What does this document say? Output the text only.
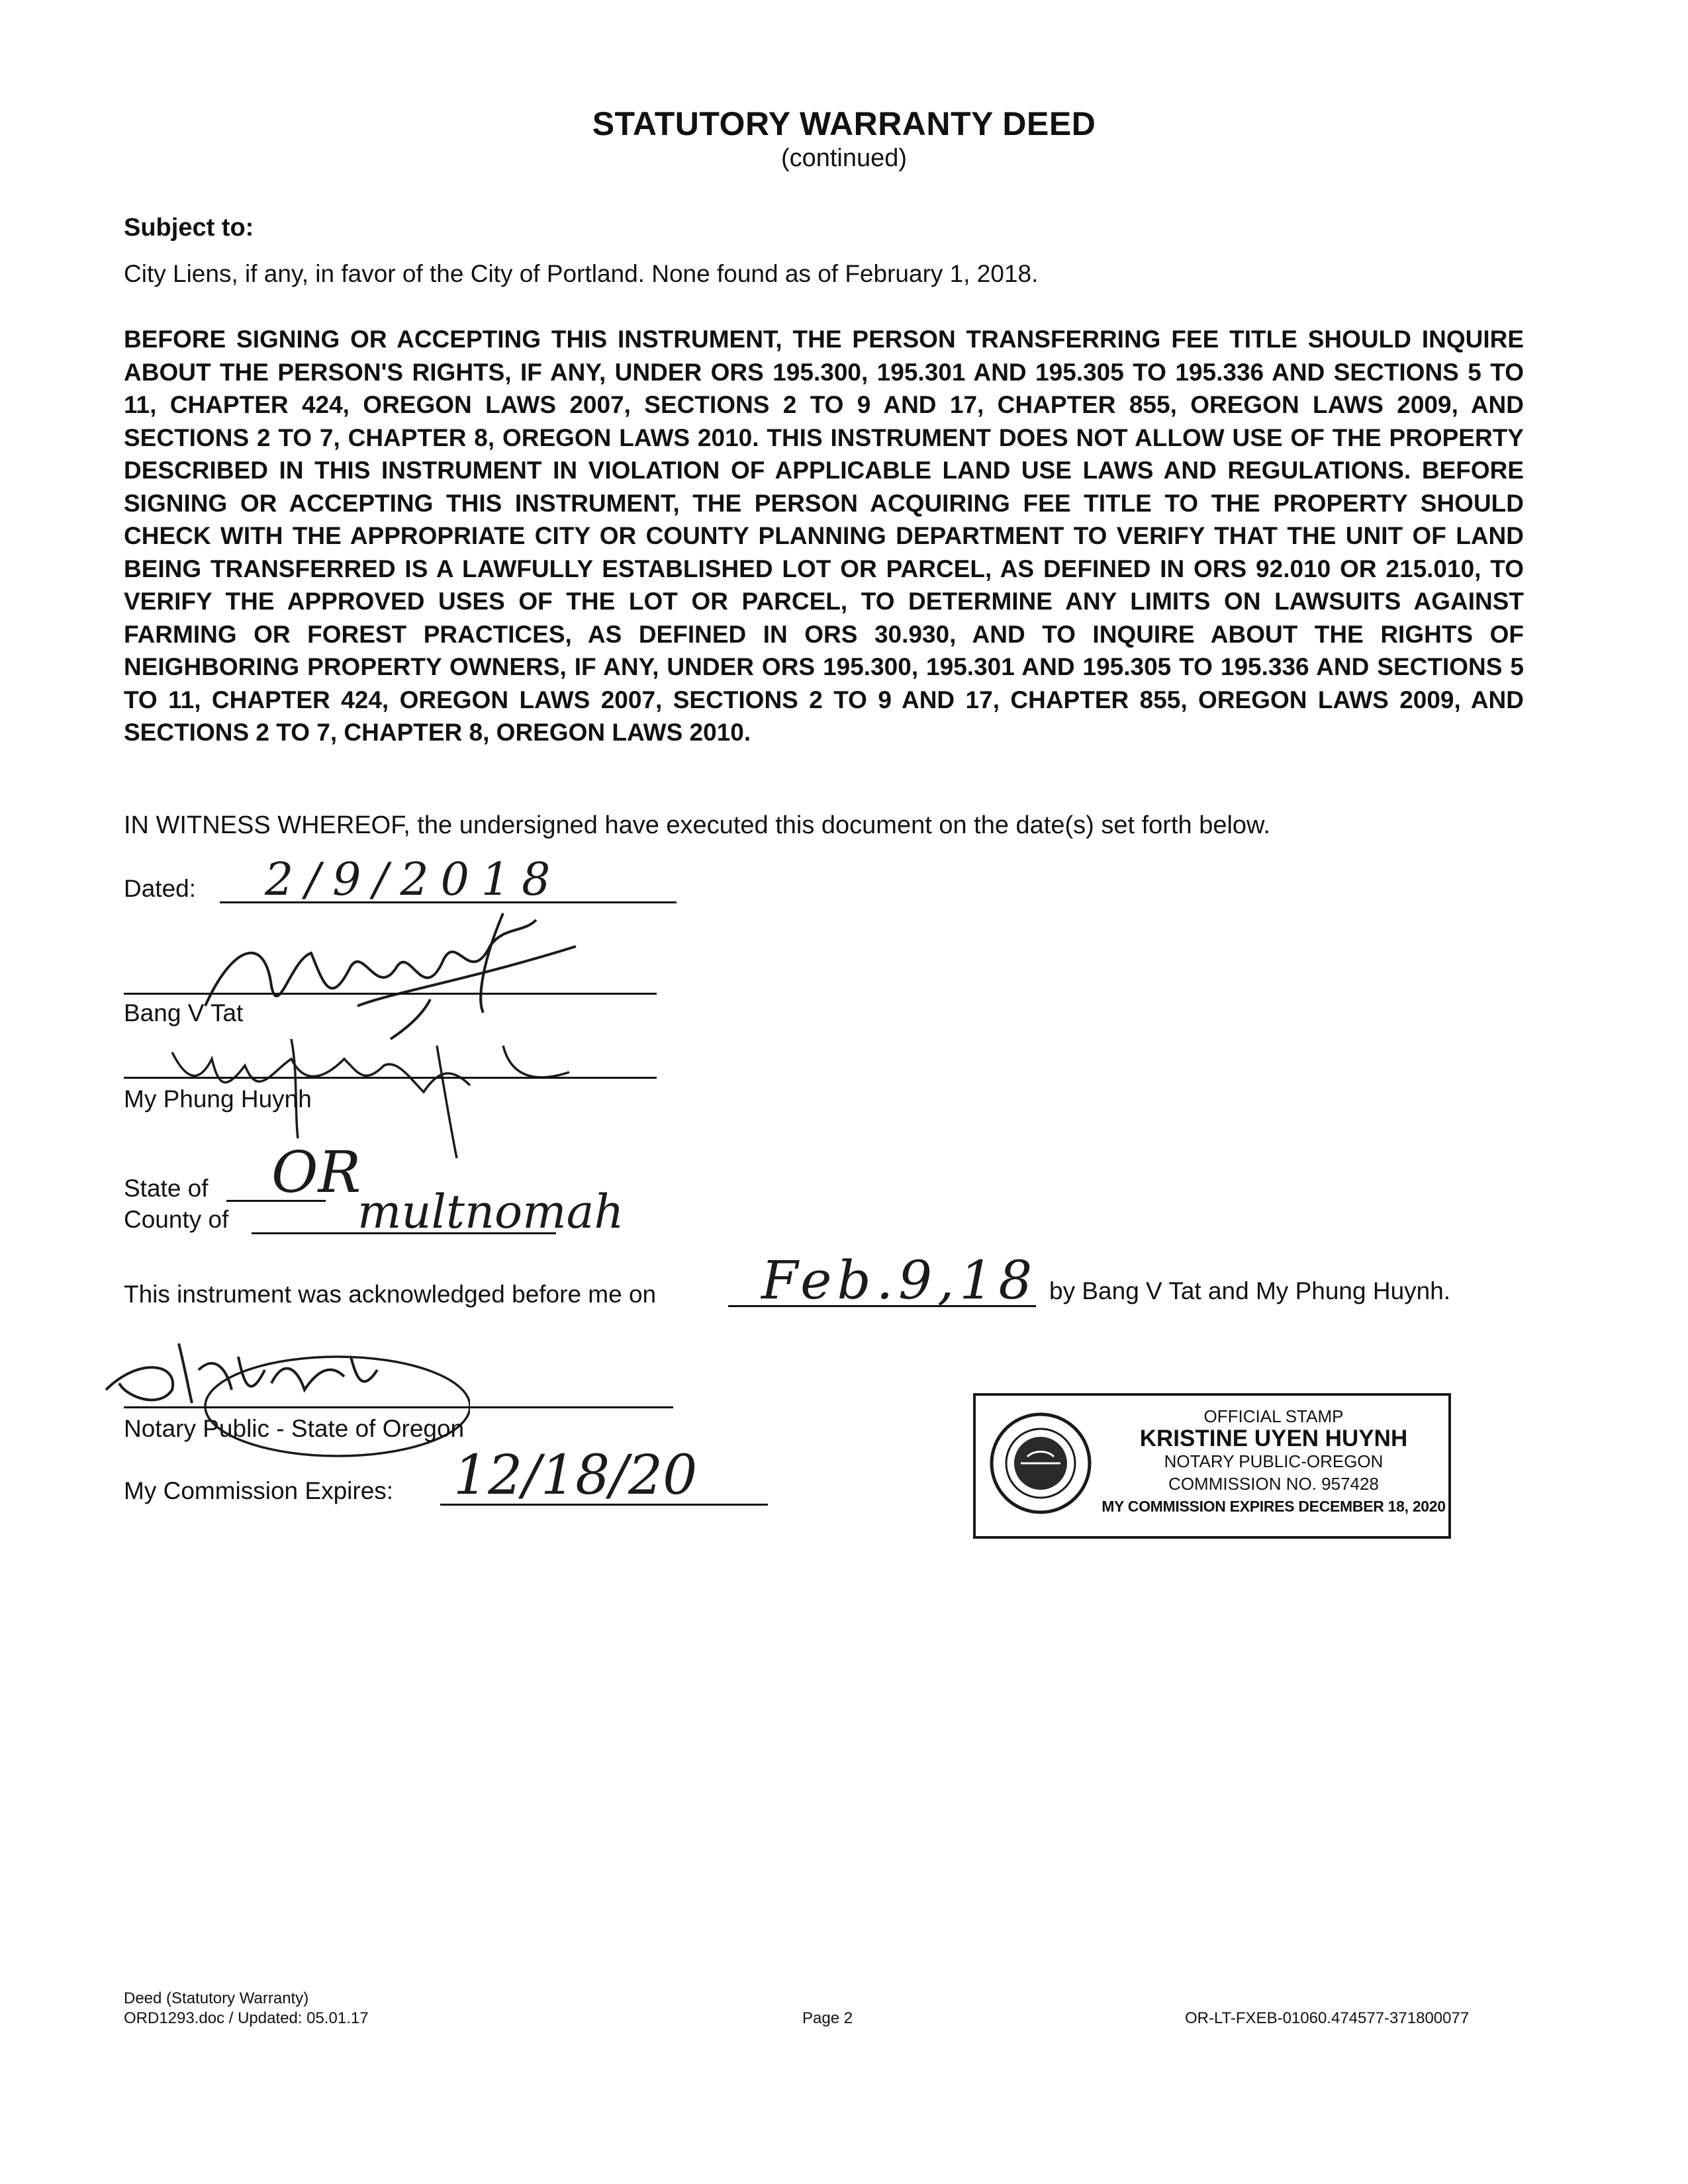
STATUTORY WARRANTY DEED
(continued)
Subject to:
City Liens, if any, in favor of the City of Portland. None found as of February 1, 2018.
BEFORE SIGNING OR ACCEPTING THIS INSTRUMENT, THE PERSON TRANSFERRING FEE TITLE SHOULD INQUIRE ABOUT THE PERSON'S RIGHTS, IF ANY, UNDER ORS 195.300, 195.301 AND 195.305 TO 195.336 AND SECTIONS 5 TO 11, CHAPTER 424, OREGON LAWS 2007, SECTIONS 2 TO 9 AND 17, CHAPTER 855, OREGON LAWS 2009, AND SECTIONS 2 TO 7, CHAPTER 8, OREGON LAWS 2010. THIS INSTRUMENT DOES NOT ALLOW USE OF THE PROPERTY DESCRIBED IN THIS INSTRUMENT IN VIOLATION OF APPLICABLE LAND USE LAWS AND REGULATIONS. BEFORE SIGNING OR ACCEPTING THIS INSTRUMENT, THE PERSON ACQUIRING FEE TITLE TO THE PROPERTY SHOULD CHECK WITH THE APPROPRIATE CITY OR COUNTY PLANNING DEPARTMENT TO VERIFY THAT THE UNIT OF LAND BEING TRANSFERRED IS A LAWFULLY ESTABLISHED LOT OR PARCEL, AS DEFINED IN ORS 92.010 OR 215.010, TO VERIFY THE APPROVED USES OF THE LOT OR PARCEL, TO DETERMINE ANY LIMITS ON LAWSUITS AGAINST FARMING OR FOREST PRACTICES, AS DEFINED IN ORS 30.930, AND TO INQUIRE ABOUT THE RIGHTS OF NEIGHBORING PROPERTY OWNERS, IF ANY, UNDER ORS 195.300, 195.301 AND 195.305 TO 195.336 AND SECTIONS 5 TO 11, CHAPTER 424, OREGON LAWS 2007, SECTIONS 2 TO 9 AND 17, CHAPTER 855, OREGON LAWS 2009, AND SECTIONS 2 TO 7, CHAPTER 8, OREGON LAWS 2010.
IN WITNESS WHEREOF, the undersigned have executed this document on the date(s) set forth below.
Dated: 2/9/2018
Bang V Tat
My Phung Huynh
State of OR
County of	multnomah
This instrument was acknowledged before me on Feb.9,18 by Bang V Tat and My Phung Huynh.
Notary Public - State of Oregon
My Commission Expires: 12/18/20
OFFICIAL STAMP
KRISTINE UYEN HUYNH
NOTARY PUBLIC-OREGON
COMMISSION NO. 957428
MY COMMISSION EXPIRES DECEMBER 18, 2020
Deed (Statutory Warranty)
ORD1293.doc / Updated: 05.01.17	Page 2	OR-LT-FXEB-01060.474577-371800077
